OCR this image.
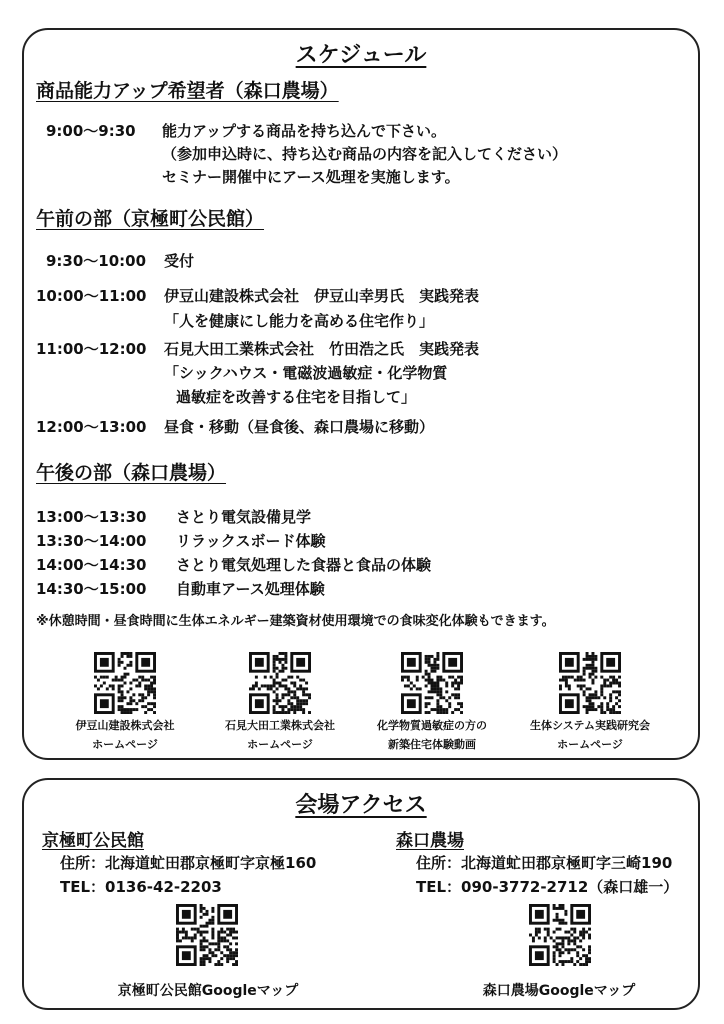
スケジュール
商品能力アップ希望者（森口農場）
9:00〜9:30 能力アップする商品を持ち込んで下さい。
（参加申込時に、持ち込む商品の内容を記入してください）
セミナー開催中にアース処理を実施します。
午前の部（京極町公民館）
9:30〜10:00 受付
10:00〜11:00 伊豆山建設株式会社　伊豆山幸男氏　実践発表
「人を健康にし能力を高める住宅作り」
11:00〜12:00 石見大田工業株式会社　竹田浩之氏　実践発表
「シックハウス・電磁波過敏症・化学物質
過敏症を改善する住宅を目指して」
12:00〜13:00 昼食・移動（昼食後、森口農場に移動）
午後の部（森口農場）
13:00〜13:30 さとり電気設備見学
13:30〜14:00 リラックスボード体験
14:00〜14:30 さとり電気処理した食器と食品の体験
14:30〜15:00 自動車アース処理体験
※休憩時間・昼食時間に生体エネルギー建築資材使用環境での食味変化体験もできます。
伊豆山建設株式会社
ホームページ
石見大田工業株式会社
ホームページ
化学物質過敏症の方の
新築住宅体験動画
生体システム実践研究会
ホームページ
会場アクセス
京極町公民館
住所：北海道虻田郡京極町字京極160
TEL：0136-42-2203
京極町公民館Googleマップ
森口農場
住所：北海道虻田郡京極町字三崎190
TEL：090-3772-2712（森口雄一）
森口農場Googleマップ
